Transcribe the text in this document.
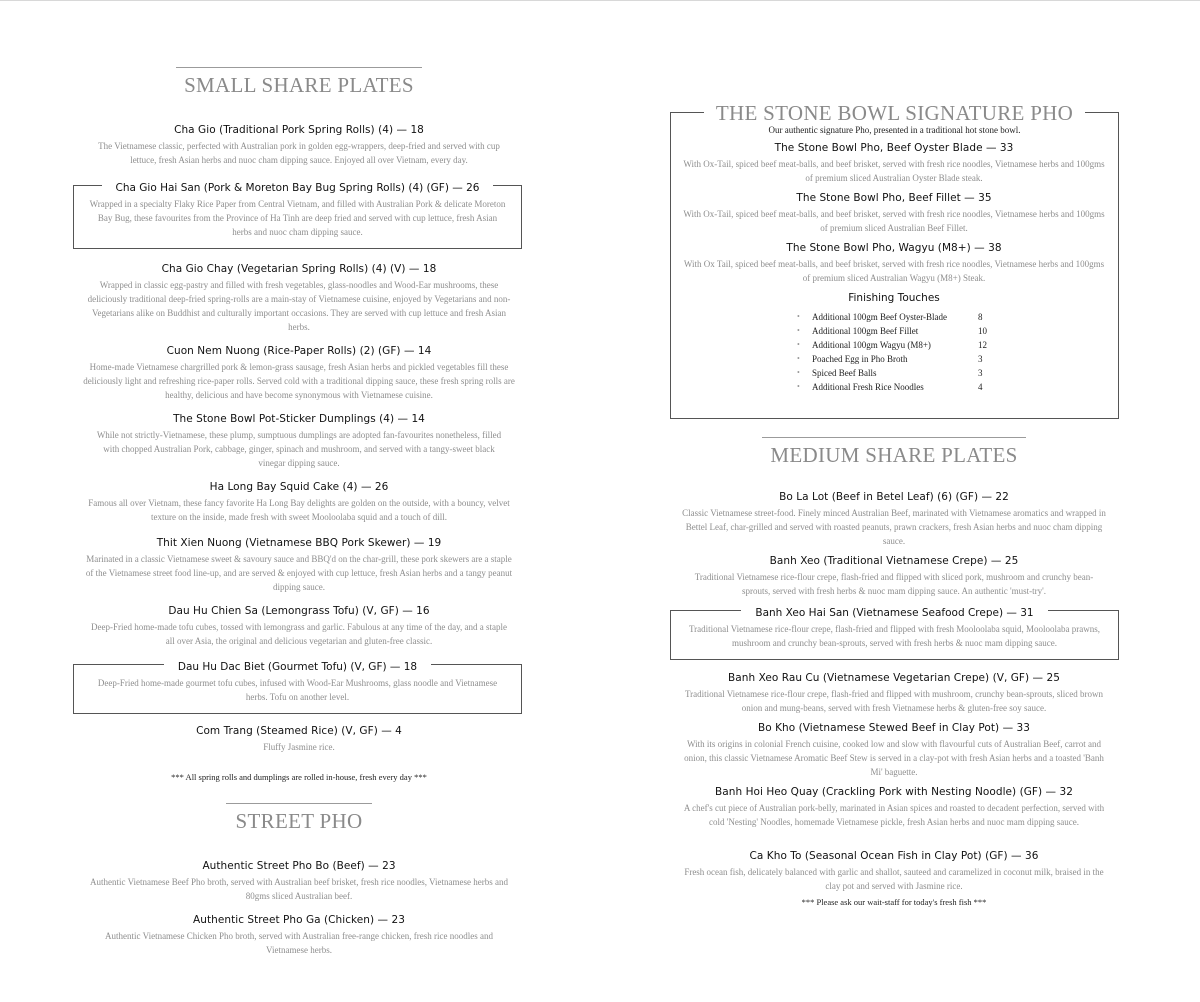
SMALL SHARE PLATES
Cha Gio (Traditional Pork Spring Rolls) (4) — 18
The Vietnamese classic, perfected with Australian pork in golden egg-wrappers, deep-fried and served with cup lettuce, fresh Asian herbs and nuoc cham dipping sauce. Enjoyed all over Vietnam, every day.
Cha Gio Hai San (Pork & Moreton Bay Bug Spring Rolls) (4) (GF) — 26
Wrapped in a specialty Flaky Rice Paper from Central Vietnam, and filled with Australian Pork & delicate Moreton Bay Bug, these favourites from the Province of Ha Tinh are deep fried and served with cup lettuce, fresh Asian herbs and nuoc cham dipping sauce.
Cha Gio Chay (Vegetarian Spring Rolls) (4) (V) — 18
Wrapped in classic egg-pastry and filled with fresh vegetables, glass-noodles and Wood-Ear mushrooms, these deliciously traditional deep-fried spring-rolls are a main-stay of Vietnamese cuisine, enjoyed by Vegetarians and non-Vegetarians alike on Buddhist and culturally important occasions. They are served with cup lettuce and fresh Asian herbs.
Cuon Nem Nuong (Rice-Paper Rolls) (2) (GF) — 14
Home-made Vietnamese chargrilled pork & lemon-grass sausage, fresh Asian herbs and pickled vegetables fill these deliciously light and refreshing rice-paper rolls. Served cold with a traditional dipping sauce, these fresh spring rolls are healthy, delicious and have become synonymous with Vietnamese cuisine.
The Stone Bowl Pot-Sticker Dumplings (4) — 14
While not strictly-Vietnamese, these plump, sumptuous dumplings are adopted fan-favourites nonetheless, filled with chopped Australian Pork, cabbage, ginger, spinach and mushroom, and served with a tangy-sweet black vinegar dipping sauce.
Ha Long Bay Squid Cake (4) — 26
Famous all over Vietnam, these fancy favorite Ha Long Bay delights are golden on the outside, with a bouncy, velvet texture on the inside, made fresh with sweet Mooloolaba squid and a touch of dill.
Thit Xien Nuong (Vietnamese BBQ Pork Skewer) — 19
Marinated in a classic Vietnamese sweet & savoury sauce and BBQ'd on the char-grill, these pork skewers are a staple of the Vietnamese street food line-up, and are served & enjoyed with cup lettuce, fresh Asian herbs and a tangy peanut dipping sauce.
Dau Hu Chien Sa (Lemongrass Tofu) (V, GF) — 16
Deep-Fried home-made tofu cubes, tossed with lemongrass and garlic. Fabulous at any time of the day, and a staple all over Asia, the original and delicious vegetarian and gluten-free classic.
Dau Hu Dac Biet (Gourmet Tofu) (V, GF) — 18
Deep-Fried home-made gourmet tofu cubes, infused with Wood-Ear Mushrooms, glass noodle and Vietnamese herbs. Tofu on another level.
Com Trang (Steamed Rice) (V, GF) — 4
Fluffy Jasmine rice.
*** All spring rolls and dumplings are rolled in-house, fresh every day ***
STREET PHO
Authentic Street Pho Bo (Beef) — 23
Authentic Vietnamese Beef Pho broth, served with Australian beef brisket, fresh rice noodles, Vietnamese herbs and 80gms sliced Australian beef.
Authentic Street Pho Ga (Chicken) — 23
Authentic Vietnamese Chicken Pho broth, served with Australian free-range chicken, fresh rice noodles and Vietnamese herbs.
THE STONE BOWL SIGNATURE PHO
Our authentic signature Pho, presented in a traditional hot stone bowl.
The Stone Bowl Pho, Beef Oyster Blade — 33
With Ox-Tail, spiced beef meat-balls, and beef brisket, served with fresh rice noodles, Vietnamese herbs and 100gms of premium sliced Australian Oyster Blade steak.
The Stone Bowl Pho, Beef Fillet — 35
With Ox-Tail, spiced beef meat-balls, and beef brisket, served with fresh rice noodles, Vietnamese herbs and 100gms of premium sliced Australian Beef Fillet.
The Stone Bowl Pho, Wagyu (M8+) — 38
With Ox Tail, spiced beef meat-balls, and beef brisket, served with fresh rice noodles, Vietnamese herbs and 100gms of premium sliced Australian Wagyu (M8+) Steak.
Finishing Touches
• Additional 100gm Beef Oyster-Blade	8
• Additional 100gm Beef Fillet	10
• Additional 100gm Wagyu (M8+)	12
• Poached Egg in Pho Broth	3
• Spiced Beef Balls	3
• Additional Fresh Rice Noodles	4
MEDIUM SHARE PLATES
Bo La Lot (Beef in Betel Leaf) (6) (GF) — 22
Classic Vietnamese street-food. Finely minced Australian Beef, marinated with Vietnamese aromatics and wrapped in Bettel Leaf, char-grilled and served with roasted peanuts, prawn crackers, fresh Asian herbs and nuoc cham dipping sauce.
Banh Xeo (Traditional Vietnamese Crepe) — 25
Traditional Vietnamese rice-flour crepe, flash-fried and flipped with sliced pork, mushroom and crunchy bean-sprouts, served with fresh herbs & nuoc mam dipping sauce. An authentic 'must-try'.
Banh Xeo Hai San (Vietnamese Seafood Crepe) — 31
Traditional Vietnamese rice-flour crepe, flash-fried and flipped with fresh Mooloolaba squid, Mooloolaba prawns, mushroom and crunchy bean-sprouts, served with fresh herbs & nuoc mam dipping sauce.
Banh Xeo Rau Cu (Vietnamese Vegetarian Crepe) (V, GF) — 25
Traditional Vietnamese rice-flour crepe, flash-fried and flipped with mushroom, crunchy bean-sprouts, sliced brown onion and mung-beans, served with fresh Vietnamese herbs & gluten-free soy sauce.
Bo Kho (Vietnamese Stewed Beef in Clay Pot) — 33
With its origins in colonial French cuisine, cooked low and slow with flavourful cuts of Australian Beef, carrot and onion, this classic Vietnamese Aromatic Beef Stew is served in a clay-pot with fresh Asian herbs and a toasted 'Banh Mi' baguette.
Banh Hoi Heo Quay (Crackling Pork with Nesting Noodle) (GF) — 32
A chef's cut piece of Australian pork-belly, marinated in Asian spices and roasted to decadent perfection, served with cold 'Nesting' Noodles, homemade Vietnamese pickle, fresh Asian herbs and nuoc mam dipping sauce.
Ca Kho To (Seasonal Ocean Fish in Clay Pot) (GF) — 36
Fresh ocean fish, delicately balanced with garlic and shallot, sauteed and caramelized in coconut milk, braised in the clay pot and served with Jasmine rice.
*** Please ask our wait-staff for today's fresh fish ***
